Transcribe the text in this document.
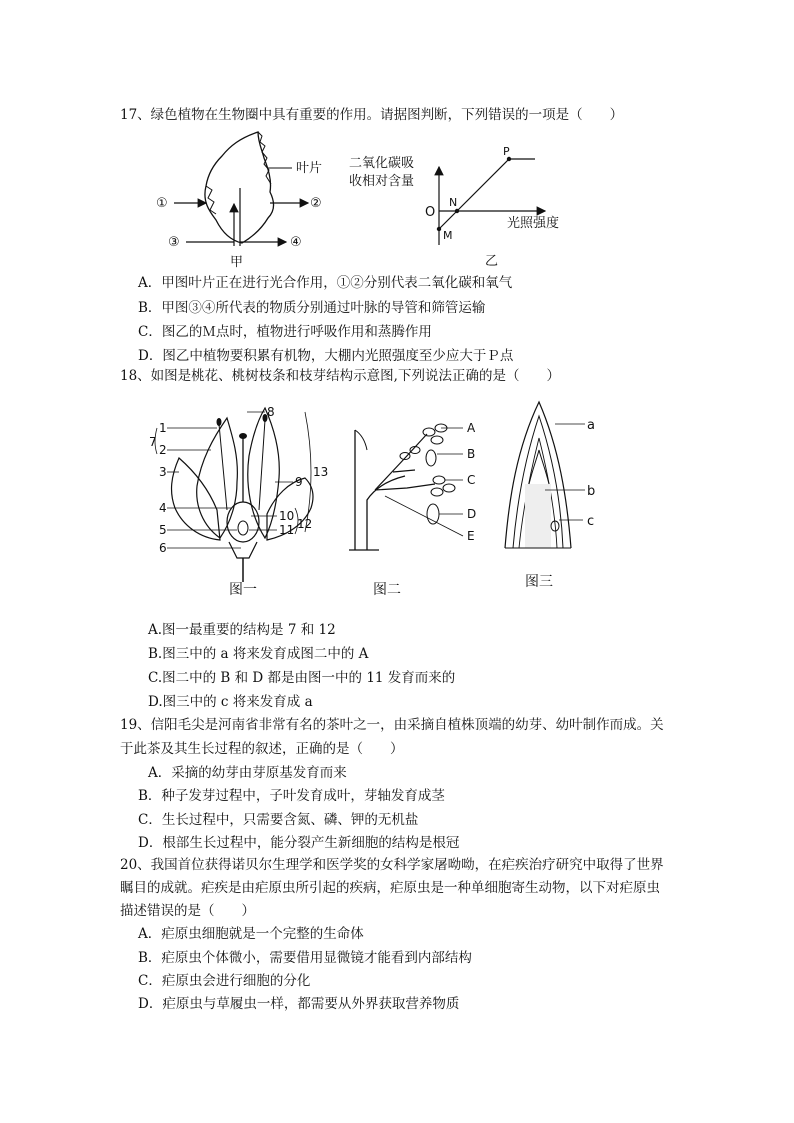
17、绿色植物在生物圈中具有重要的作用。请据图判断，下列错误的一项是（　　）
叶片
①	②
③	④
甲
二氧化碳吸
收相对含量
P
N
O
M
光照强度
乙
A．甲图叶片正在进行光合作用，①②分别代表二氧化碳和氧气
B．甲图③④所代表的物质分别通过叶脉的导管和筛管运输
C．图乙的Ｍ点时，植物进行呼吸作用和蒸腾作用
D．图乙中植物要积累有机物，大棚内光照强度至少应大于Ｐ点
18、如图是桃花、桃树枝条和枝芽结构示意图,下列说法正确的是（　　）
1
2
3
4
5
6
7
8
9
10
11 12
13
图一
A
B
C
D
E
图二
a
b
c
图三
A.图一最重要的结构是 7 和 12
B.图三中的 a 将来发育成图二中的 A
C.图二中的 B 和 D 都是由图一中的 11 发育而来的
D.图三中的 c 将来发育成 a
19、信阳毛尖是河南省非常有名的茶叶之一，由采摘自植株顶端的幼芽、幼叶制作而成。关
于此茶及其生长过程的叙述，正确的是（　　）
A．采摘的幼芽由芽原基发育而来
B．种子发芽过程中，子叶发育成叶，芽轴发育成茎
C．生长过程中，只需要含氮、磷、钾的无机盐
D．根部生长过程中，能分裂产生新细胞的结构是根冠
20、我国首位获得诺贝尔生理学和医学奖的女科学家屠呦呦，在疟疾治疗研究中取得了世界
瞩目的成就。疟疾是由疟原虫所引起的疾病，疟原虫是一种单细胞寄生动物，以下对疟原虫
描述错误的是（　　）
A．疟原虫细胞就是一个完整的生命体
B．疟原虫个体微小，需要借用显微镜才能看到内部结构
C．疟原虫会进行细胞的分化
D．疟原虫与草履虫一样，都需要从外界获取营养物质
